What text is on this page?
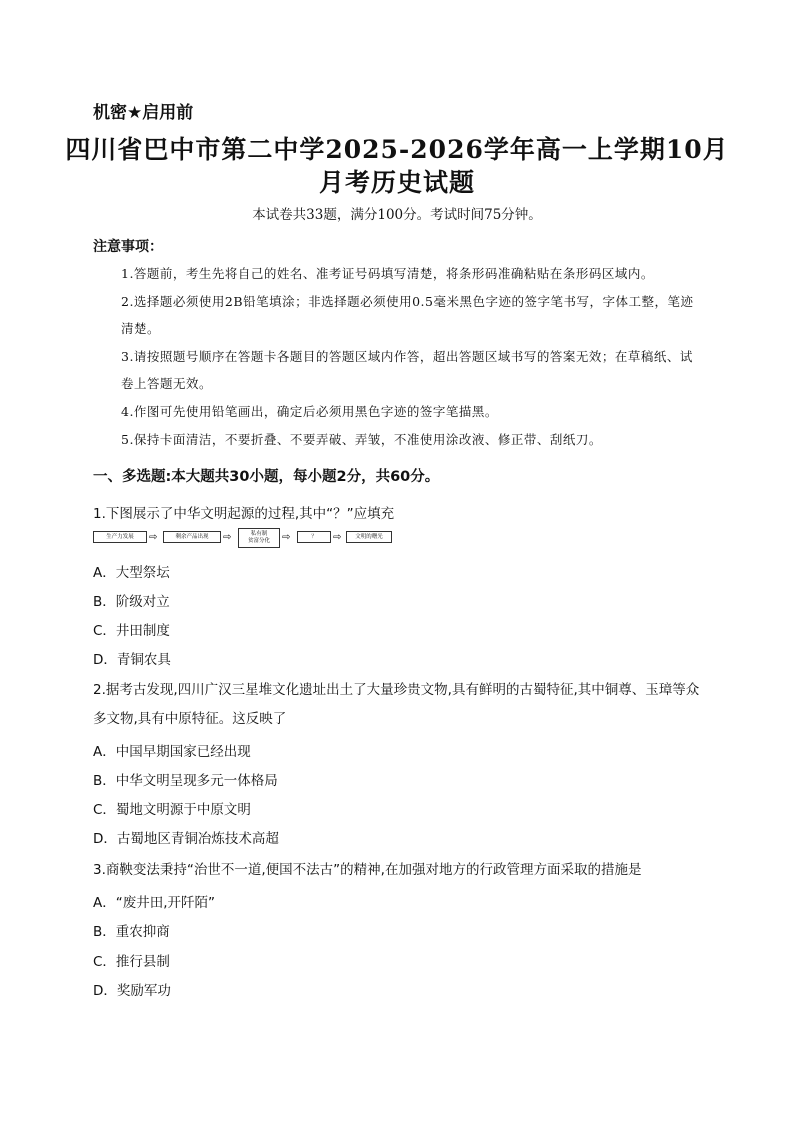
机密★启用前
四川省巴中市第二中学2025-2026学年高一上学期10月
月考历史试题
本试卷共33题，满分100分。考试时间75分钟。
注意事项：
1.答题前，考生先将自己的姓名、准考证号码填写清楚，将条形码准确粘贴在条形码区域内。
2.选择题必须使用2B铅笔填涂；非选择题必须使用0.5毫米黑色字迹的签字笔书写，字体工整，笔迹清楚。
3.请按照题号顺序在答题卡各题目的答题区域内作答，超出答题区域书写的答案无效；在草稿纸、试卷上答题无效。
4.作图可先使用铅笔画出，确定后必须用黑色字迹的签字笔描黑。
5.保持卡面清洁，不要折叠、不要弄破、弄皱，不准使用涂改液、修正带、刮纸刀。
一、多选题:本大题共30小题，每小题2分，共60分。
1.下图展示了中华文明起源的过程,其中“？”应填充
生产力发展	⇨	剩余产品出现	⇨	私有制
贫富分化	⇨	？	⇨	文明的曙光
A．大型祭坛
B．阶级对立
C．井田制度
D．青铜农具
2.据考古发现,四川广汉三星堆文化遗址出土了大量珍贵文物,具有鲜明的古蜀特征,其中铜尊、玉璋等众多文物,具有中原特征。这反映了
A．中国早期国家已经出现
B．中华文明呈现多元一体格局
C．蜀地文明源于中原文明
D．古蜀地区青铜冶炼技术高超
3.商鞅变法秉持“治世不一道,便国不法古”的精神,在加强对地方的行政管理方面采取的措施是
A．“废井田,开阡陌”
B．重农抑商
C．推行县制
D．奖励军功
